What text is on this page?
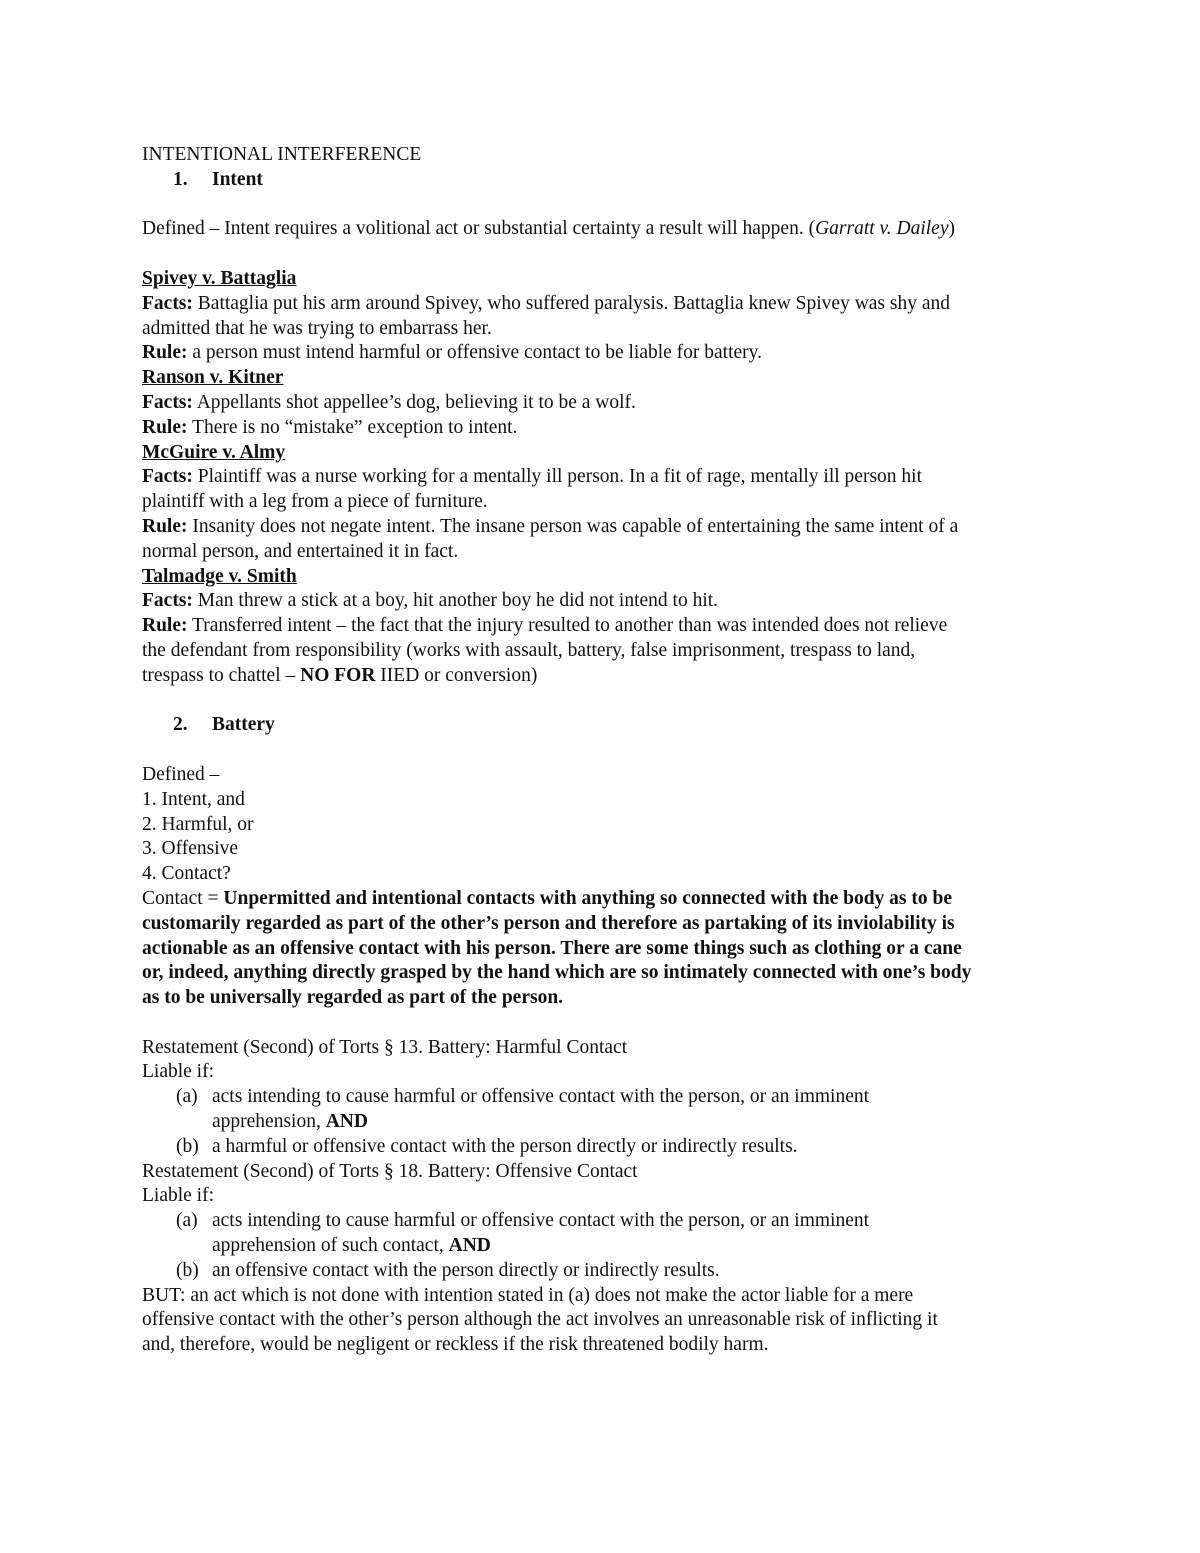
INTENTIONAL INTERFERENCE
1. Intent
Defined – Intent requires a volitional act or substantial certainty a result will happen. (Garratt v. Dailey)
Spivey v. Battaglia
Facts: Battaglia put his arm around Spivey, who suffered paralysis. Battaglia knew Spivey was shy and
admitted that he was trying to embarrass her.
Rule: a person must intend harmful or offensive contact to be liable for battery.
Ranson v. Kitner
Facts: Appellants shot appellee’s dog, believing it to be a wolf.
Rule: There is no “mistake” exception to intent.
McGuire v. Almy
Facts: Plaintiff was a nurse working for a mentally ill person. In a fit of rage, mentally ill person hit
plaintiff with a leg from a piece of furniture.
Rule: Insanity does not negate intent. The insane person was capable of entertaining the same intent of a
normal person, and entertained it in fact.
Talmadge v. Smith
Facts: Man threw a stick at a boy, hit another boy he did not intend to hit.
Rule: Transferred intent – the fact that the injury resulted to another than was intended does not relieve
the defendant from responsibility (works with assault, battery, false imprisonment, trespass to land,
trespass to chattel – NO FOR IIED or conversion)
2. Battery
Defined –
1. Intent, and
2. Harmful, or
3. Offensive
4. Contact?
Contact = Unpermitted and intentional contacts with anything so connected with the body as to be
customarily regarded as part of the other’s person and therefore as partaking of its inviolability is
actionable as an offensive contact with his person. There are some things such as clothing or a cane
or, indeed, anything directly grasped by the hand which are so intimately connected with one’s body
as to be universally regarded as part of the person.
Restatement (Second) of Torts § 13. Battery: Harmful Contact
Liable if:
(a) acts intending to cause harmful or offensive contact with the person, or an imminent
apprehension, AND
(b) a harmful or offensive contact with the person directly or indirectly results.
Restatement (Second) of Torts § 18. Battery: Offensive Contact
Liable if:
(a) acts intending to cause harmful or offensive contact with the person, or an imminent
apprehension of such contact, AND
(b) an offensive contact with the person directly or indirectly results.
BUT: an act which is not done with intention stated in (a) does not make the actor liable for a mere
offensive contact with the other’s person although the act involves an unreasonable risk of inflicting it
and, therefore, would be negligent or reckless if the risk threatened bodily harm.
